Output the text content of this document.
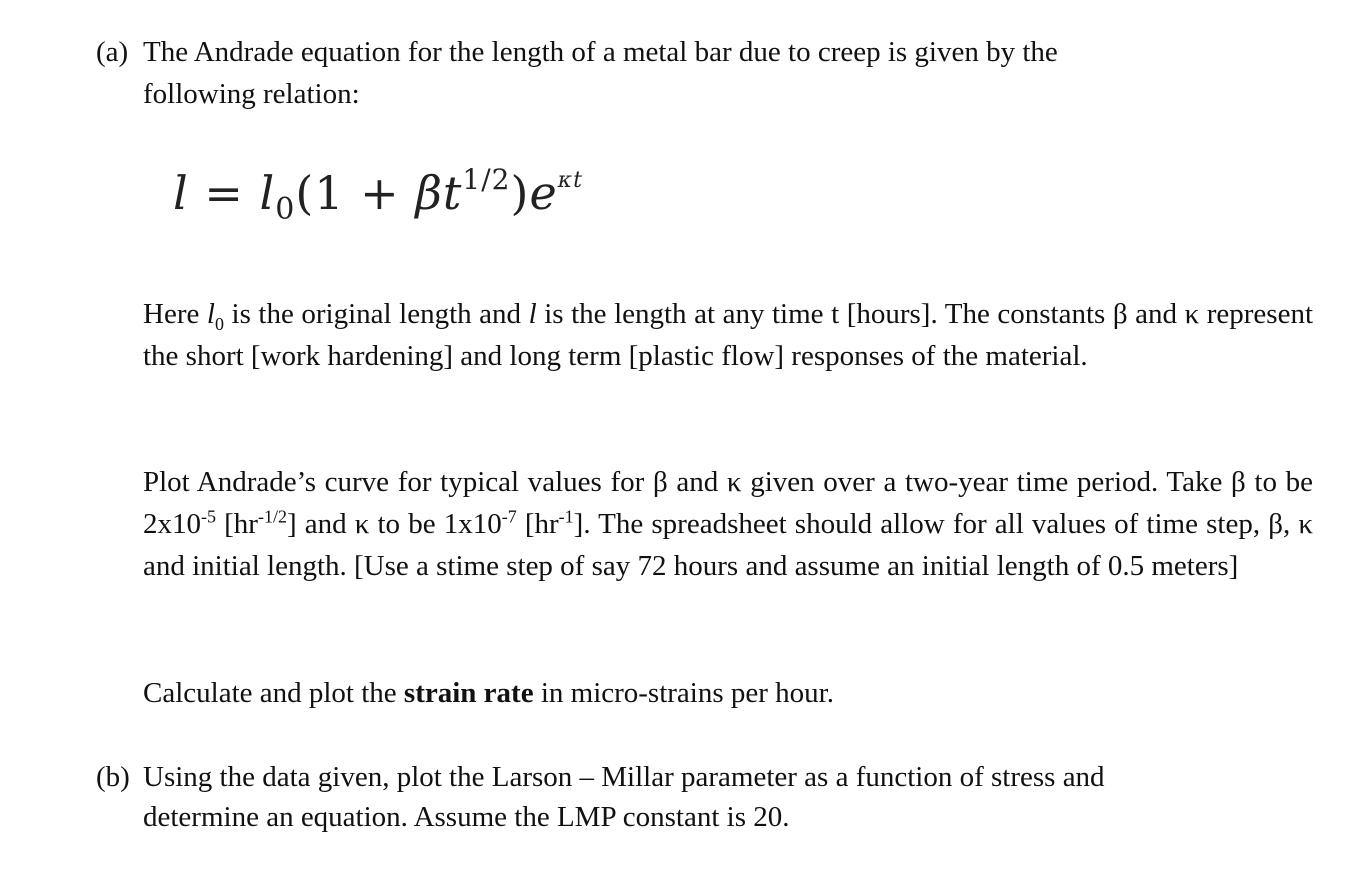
(a) The Andrade equation for the length of a metal bar due to creep is given by the
following relation:
$l = l_0(1 + \beta t^{1/2})e^{\kappa t}$
Here $l_0$ is the original length and l is the length at any time t [hours]. The constants β and κ represent the short [work hardening] and long term [plastic flow] responses of the material.
Plot Andrade’s curve for typical values for β and κ given over a two-year time period. Take β to be $2x10^{-5}$ $[hr^{-1/2}]$ and κ to be $1x10^{-7}$ $[hr^{-1}]$. The spreadsheet should allow for all values of time step, β, κ and initial length. [Use a stime step of say 72 hours and assume an initial length of 0.5 meters]
Calculate and plot the strain rate in micro-strains per hour.
(b) Using the data given, plot the Larson – Millar parameter as a function of stress and determine an equation. Assume the LMP constant is 20.
